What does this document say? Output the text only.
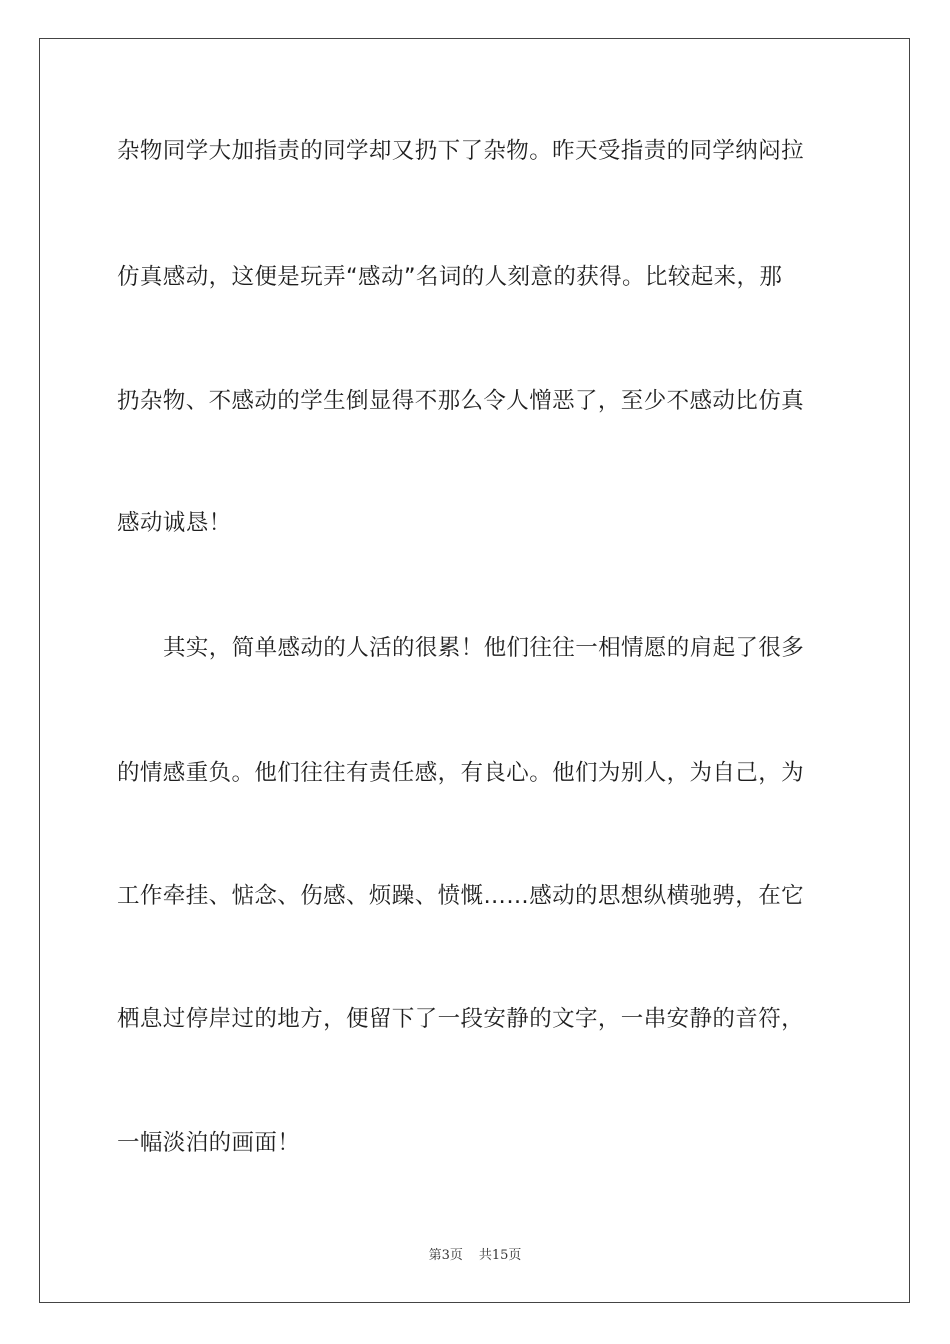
杂物同学大加指责的同学却又扔下了杂物。昨天受指责的同学纳闷拉
仿真感动，这便是玩弄“感动”名词的人刻意的获得。比较起来，那
扔杂物、不感动的学生倒显得不那么令人憎恶了，至少不感动比仿真
感动诚恳！
其实，简单感动的人活的很累！他们往往一相情愿的肩起了很多
的情感重负。他们往往有责任感，有良心。他们为别人，为自己，为
工作牵挂、惦念、伤感、烦躁、愤慨……感动的思想纵横驰骋，在它
栖息过停岸过的地方，便留下了一段安静的文字，一串安静的音符，
一幅淡泊的画面！
第3页 共15页
